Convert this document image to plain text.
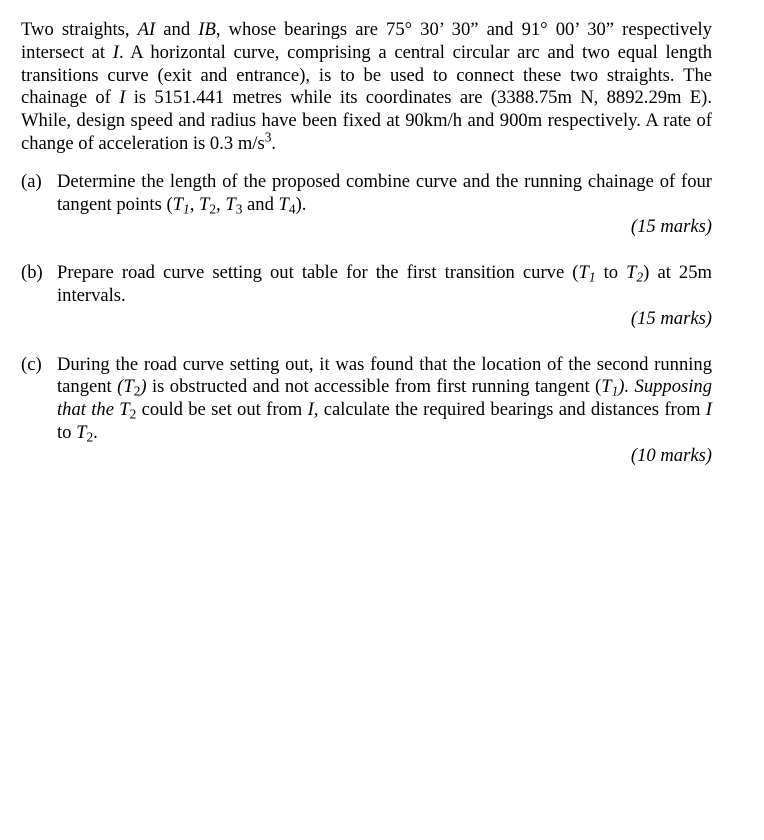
Two straights, AI and IB, whose bearings are 75° 30’ 30” and 91° 00’ 30” respectively intersect at I. A horizontal curve, comprising a central circular arc and two equal length transitions curve (exit and entrance), is to be used to connect these two straights. The chainage of I is 5151.441 metres while its coordinates are (3388.75m N, 8892.29m E). While, design speed and radius have been fixed at 90km/h and 900m respectively. A rate of change of acceleration is 0.3 $m/s^3$.

(a) Determine the length of the proposed combine curve and the running chainage of four tangent points ($T_1$, $T_2$, $T_3$ and $T_4$).

(15 marks)

(b) Prepare road curve setting out table for the first transition curve ($T_1$ to $T_2$) at 25m intervals.

(15 marks)

(c) During the road curve setting out, it was found that the location of the second running tangent $(T_2)$ is obstructed and not accessible from first running tangent $(T_1)$. Supposing that the $T_2$ could be set out from I, calculate the required bearings and distances from I to $T_2$.

(10 marks)
